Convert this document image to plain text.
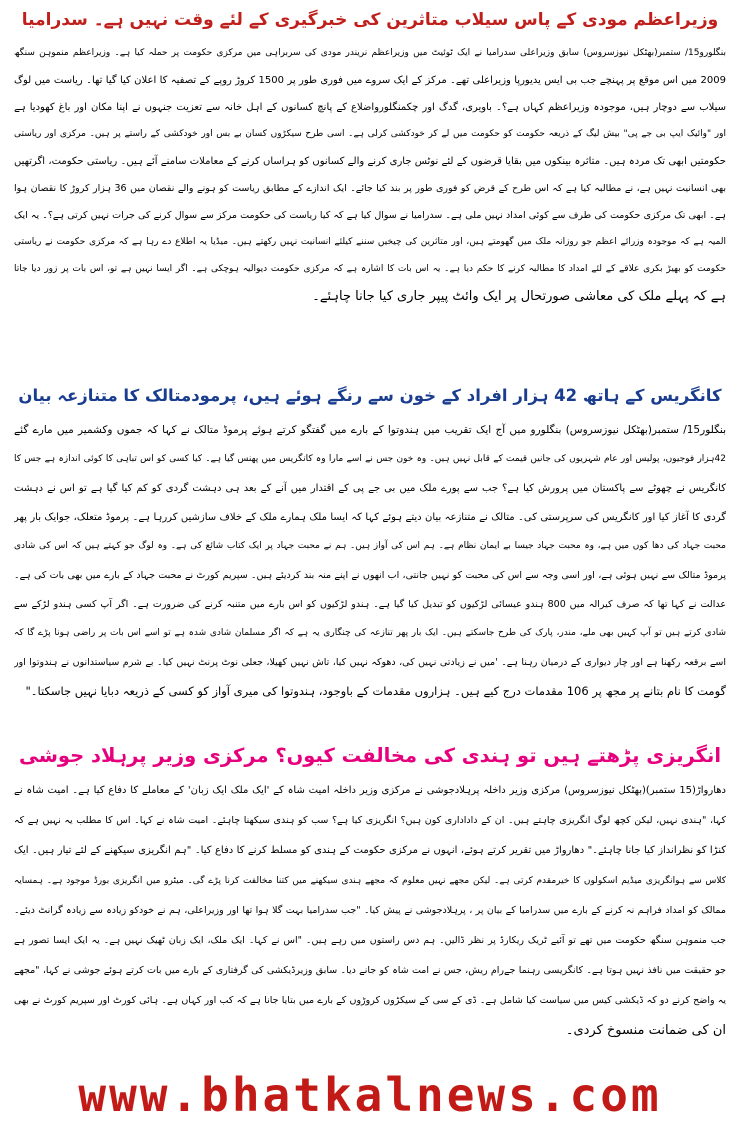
وزیراعظم مودی کے پاس سیلاب متاثرین کی خبرگیری کے لئے وقت نہیں ہے۔ سدرامیا

بنگلورو15/ ستمبر(بھٹکل نیوزسروس) سابق وزیراعلی سدرامیا نے ایک ٹوئیٹ میں وزیراعظم نریندر مودی کی سربراہی میں مرکزی حکومت پر حملہ کیا ہے۔ وزیراعظم منموہن سنگھ

2009 میں اس موقع پر پہنچے جب بی ایس یدیورپا وزیراعلی تھے۔ مرکز کے ایک سروے میں فوری طور پر 1500 کروڑ روپے کے تصفیہ کا اعلان کیا گیا تھا۔ ریاست میں لوگ

سیلاب سے دوچار ہیں، موجودہ وزیراعظم کہاں ہے؟۔ باویری، گدگ اور چکمنگلورواضلاع کے پانچ کسانوں کے اہل خانہ سے تعزیت جنہوں نے اپنا مکان اور باغ کھودیا ہے

اور "وائیک ایپ بی جے پی" بیش لیگ کے ذریعہ حکومت کو حکومت میں لے کر خودکشی کرلی ہے۔ اسی طرح سیکڑوں کسان بے بس اور خودکشی کے راستے پر ہیں۔ مرکزی اور ریاستی

حکومتیں ابھی تک مردہ ہیں۔ متاثرہ بینکوں میں بقایا قرضوں کے لئے نوٹس جاری کرنے والے کسانوں کو ہراساں کرنے کے معاملات سامنے آئے ہیں۔ ریاستی حکومت، اگرتھیں

بھی انسانیت نہیں ہے، نے مطالبہ کیا ہے کہ اس طرح کے قرض کو فوری طور پر بند کیا جائے۔ ایک اندازے کے مطابق ریاست کو ہونے والے نقصان میں 36 ہزار کروڑ کا نقصان ہوا

ہے۔ ابھی تک مرکزی حکومت کی طرف سے کوئی امداد نہیں ملی ہے۔ سدرامیا نے سوال کیا ہے کہ کیا ریاست کی حکومت مرکز سے سوال کرنے کی جرات نہیں کرتی ہے؟۔ یہ ایک

المیہ ہے کہ موجودہ وزرائے اعظم جو روزانہ ملک میں گھومتے ہیں، اور متاثرین کی چیخیں سننے کیلئے انسانیت نہیں رکھتے ہیں۔ میڈیا یہ اطلاع دے رہا ہے کہ مرکزی حکومت نے ریاستی

حکومت کو بھیڑ بکری علاقے کے لئے امداد کا مطالبہ کرنے کا حکم دیا ہے۔ یہ اس بات کا اشارہ ہے کہ مرکزی حکومت دیوالیہ ہوچکی ہے۔ اگر ایسا نہیں ہے تو، اس بات پر زور دیا جاتا

ہے کہ پہلے ملک کی معاشی صورتحال پر ایک وائٹ پیپر جاری کیا جانا چاہئے۔

کانگریس کے ہاتھ 42 ہزار افراد کے خون سے رنگے ہوئے ہیں، پرمودمتالک کا متنازعہ بیان

بنگلور15/ ستمبر(بھٹکل نیوزسروس) بنگلورو میں آج ایک تقریب میں ہندوتوا کے بارے میں گفتگو کرتے ہوئے پرموڈ متالک نے کہا کہ جموں وکشمیر میں مارے گئے

42ہزار فوجیوں، پولیس اور عام شہریوں کی جانیں قیمت کے قابل نہیں ہیں۔ وہ خون جس نے اسے مارا وہ کانگریس میں پھنس گیا ہے۔ کیا کسی کو اس تباہی کا کوئی اندازہ ہے جس کا

کانگریس نے چھوٹے سے پاکستان میں پرورش کیا ہے؟ جب سے پورے ملک میں بی جے پی کے اقتدار میں آنے کے بعد ہی دہشت گردی کو کم کیا گیا ہے تو اس نے دہشت

گردی کا آغاز کیا اور کانگریس کی سرپرستی کی۔ متالک نے متنازعہ بیان دیتے ہوئے کہا کہ ایسا ملک ہمارے ملک کے خلاف سازشیں کررہا ہے۔ پرموڈ متعلک، جوایک بار پھر

محبت جہاد کی دھا کوں میں ہے، وہ محبت جہاد جیسا بے ایمان نظام ہے۔ ہم اس کی آواز ہیں۔ ہم نے محبت جہاد پر ایک کتاب شائع کی ہے۔ وہ لوگ جو کہتے ہیں کہ اس کی شادی

پرموڈ متالک سے نہیں ہوئی ہے، اور اسی وجہ سے اس کی محبت کو نہیں جانتی، اب انھوں نے اپنے منہ بند کردیئے ہیں۔ سپریم کورٹ نے محبت جہاد کے بارے میں بھی بات کی ہے۔

عدالت نے کہا تھا کہ صرف کیرالہ میں 800 ہندو عیسائی لڑکیوں کو تبدیل کیا گیا ہے۔ ہندو لڑکیوں کو اس بارے میں متنبہ کرنے کی ضرورت ہے۔ اگر آپ کسی ہندو لڑکے سے

شادی کرتے ہیں تو آپ کہیں بھی ملے، مندر، پارک کی طرح جاسکتے ہیں۔ ایک بار پھر تنازعہ کی چنگاری یہ ہے کہ اگر مسلمان شادی شدہ ہے تو اسے اس بات پر راضی ہونا پڑے گا کہ

اسے برقعہ رکھنا ہے اور چار دیواری کے درمیان رہنا ہے۔ 'میں نے زیادتی نہیں کی، دھوکہ نہیں کیا، تاش نہیں کھیلا، جعلی نوٹ پرنٹ نہیں کیا۔ بے شرم سیاستدانوں نے ہندوتوا اور

گومت کا نام بتانے پر مجھ پر 106 مقدمات درج کیے ہیں۔ ہزاروں مقدمات کے باوجود، ہندوتوا کی میری آواز کو کسی کے ذریعہ دبایا نہیں جاسکتا۔"

انگریزی پڑھتے ہیں تو ہندی کی مخالفت کیوں؟ مرکزی وزیر پرہلاد جوشی

دھارواڑ(15 ستمبر)(بھٹکل نیوزسروس) مرکزی وزیر داخلہ پرہلادجوشی نے مرکزی وزیر داخلہ امیت شاہ کے 'ایک ملک ایک زبان' کے معاملے کا دفاع کیا ہے۔ امیت شاہ نے

کہا، "ہندی نہیں، لیکن کچھ لوگ انگریزی چاہتے ہیں۔ ان کے داداداری کون ہیں؟ انگریزی کیا ہے؟ سب کو ہندی سیکھنا چاہئے۔ امیت شاہ نے کہا۔ اس کا مطلب یہ نہیں ہے کہ

کنڑا کو نظرانداز کیا جانا چاہئے۔" دھارواڑ میں تقریر کرتے ہوئے، انہوں نے مرکزی حکومت کے ہندی کو مسلط کرنے کا دفاع کیا۔ "ہم انگریزی سیکھنے کے لئے تیار ہیں۔ ایک

کلاس سے ہوانگریزی میڈیم اسکولوں کا خیرمقدم کرتی ہے۔ لیکن مجھے نہیں معلوم کہ مجھے ہندی سیکھنے میں کتنا مخالفت کرنا پڑے گی۔ میٹرو میں انگریزی بورڈ موجود ہے۔ ہمسایہ

ممالک کو امداد فراہم نہ کرنے کے بارے میں سدرامیا کے بیان پر ، پرہلادجوشی نے پیش کیا۔ "جب سدرامیا بہت گلا ہوا تھا اور وزیراعلی، ہم نے خودکو زیادہ سے زیادہ گرانٹ دیئے۔

جب منموہن سنگھ حکومت میں تھے تو آئیے ٹریک ریکارڈ پر نظر ڈالیں۔ ہم دس راستوں میں رہے ہیں۔ "اس نے کہا۔ ایک ملک، ایک زبان ٹھیک نہیں ہے۔ یہ ایک ایسا تصور ہے

جو حقیقت میں نافذ نہیں ہوتا ہے۔ کانگریسی رہنما جےرام ریش، جس نے امت شاہ کو جانے دیا۔ سابق وزیرڈیکشی کی گرفتاری کے بارے میں بات کرتے ہوئے جوشی نے کہا، "مجھے

یہ واضح کرنے دو کہ ڈیکشی کیس میں سیاست کیا شامل ہے۔ ڈی کے سی کے سیکڑوں کروڑوں کے بارے میں بتایا جانا ہے کہ کب اور کہاں ہے۔ ہائی کورٹ اور سپریم کورٹ نے بھی

ان کی ضمانت منسوخ کردی۔

www.bhatkalnews.com
